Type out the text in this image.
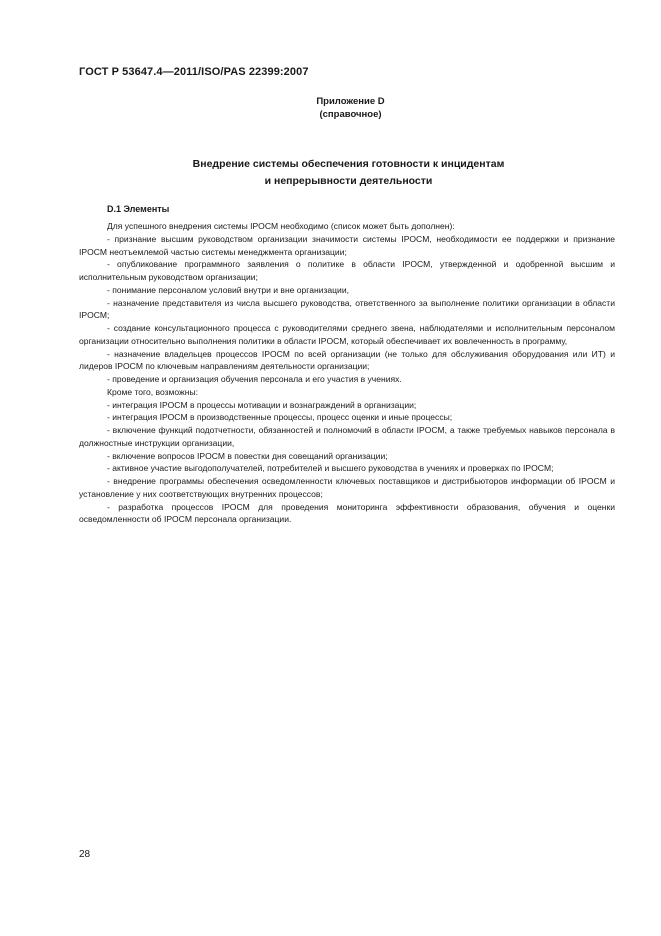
ГОСТ Р 53647.4—2011/ISO/PAS 22399:2007
Приложение D
(справочное)
Внедрение системы обеспечения готовности к инцидентам
и непрерывности деятельности
D.1 Элементы

Для успешного внедрения системы IPOCM необходимо (список может быть дополнен):

- признание высшим руководством организации значимости системы IPOCM, необходимости ее поддержки и признание IPOCM неотъемлемой частью системы менеджмента организации;

- опубликование программного заявления о политике в области IPOCM, утвержденной и одобренной высшим и исполнительным руководством организации;

- понимание персоналом условий внутри и вне организации,

- назначение представителя из числа высшего руководства, ответственного за выполнение политики организации в области IPOCM;

- создание консультационного процесса с руководителями среднего звена, наблюдателями и исполнительным персоналом организации относительно выполнения политики в области IPOCM, который обеспечивает их вовлеченность в программу,

- назначение владельцев процессов IPOCM по всей организации (не только для обслуживания оборудования или ИТ) и лидеров IPOCM по ключевым направлениям деятельности организации;

- проведение и организация обучения персонала и его участия в учениях.

Кроме того, возможны:

- интеграция IPOCM в процессы мотивации и вознаграждений в организации;

- интеграция IPOCM в производственные процессы, процесс оценки и иные процессы;

- включение функций подотчетности, обязанностей и полномочий в области IPOCM, а также требуемых навыков персонала в должностные инструкции организации,

- включение вопросов IPOCM в повестки дня совещаний организации;

- активное участие выгодополучателей, потребителей и высшего руководства в учениях и проверках по IPOCM;

- внедрение программы обеспечения осведомленности ключевых поставщиков и дистрибьюторов информации об IPOCM и установление у них соответствующих внутренних процессов;

- разработка процессов IPOCM для проведения мониторинга эффективности образования, обучения и оценки осведомленности об IPOCM персонала организации.

28
